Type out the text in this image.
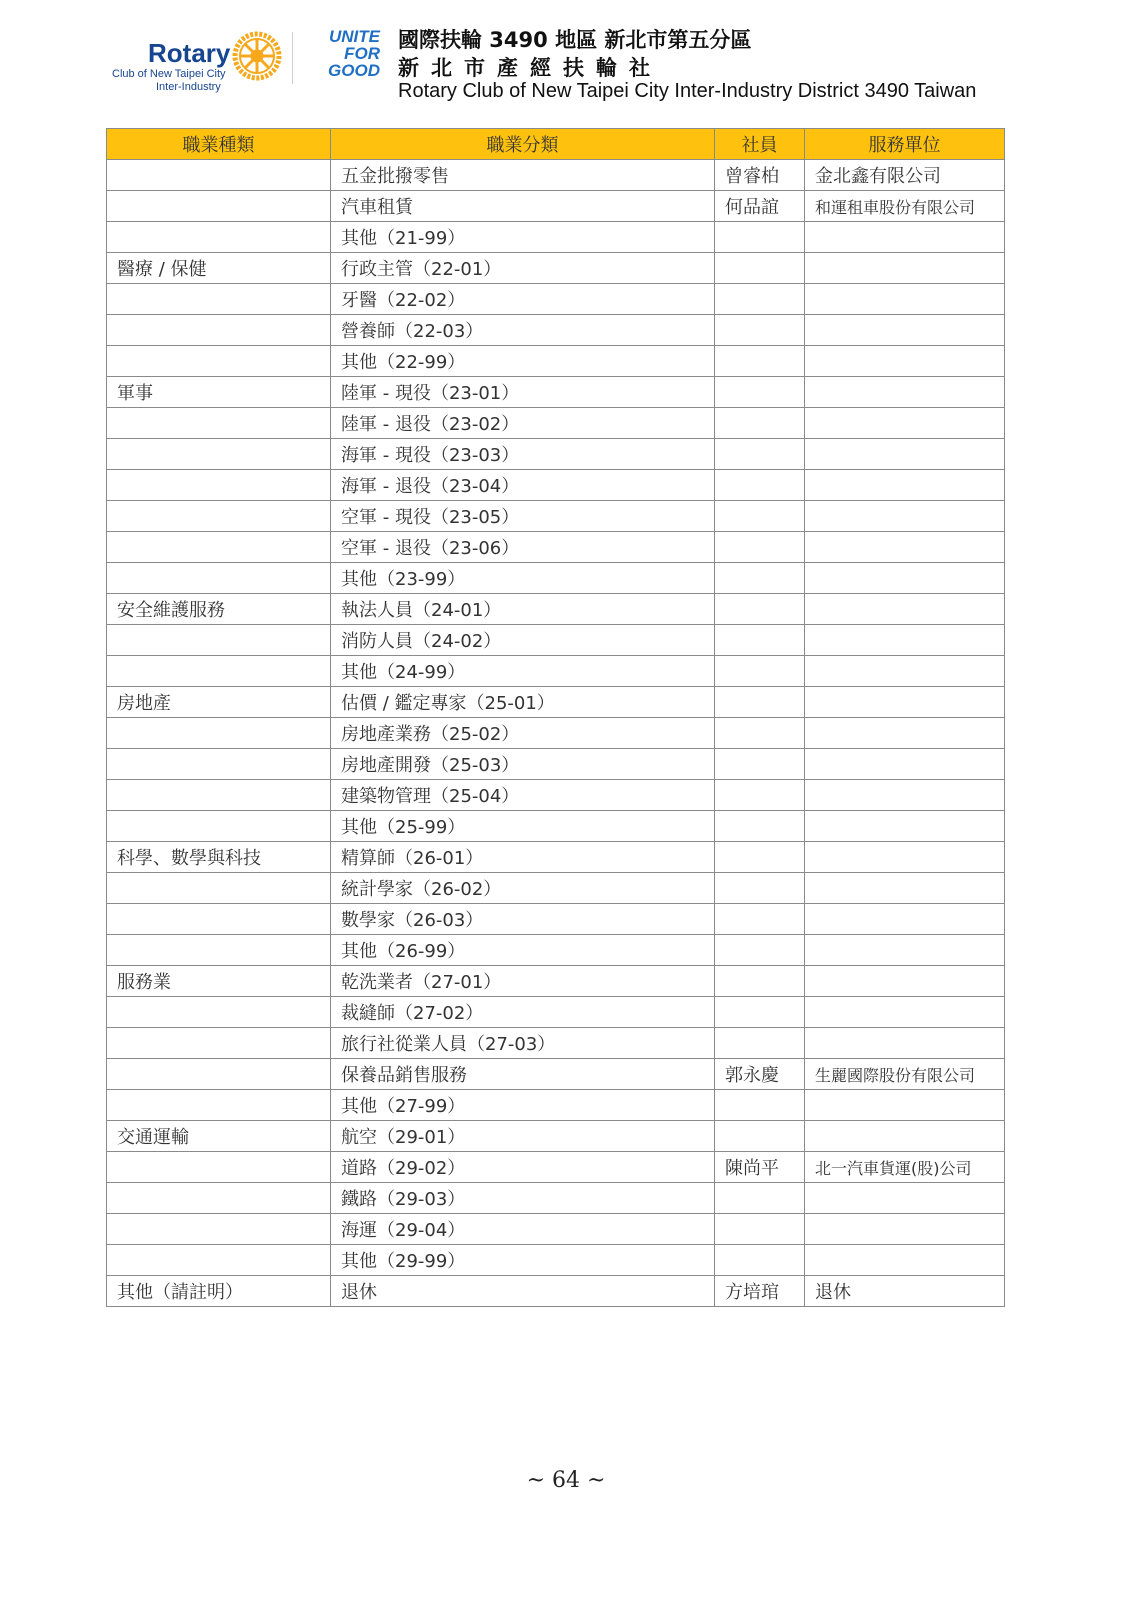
Rotary
Club of New Taipei City
Inter-Industry
UNITE
FOR
GOOD
國際扶輪 3490 地區 新北市第五分區
新北市產經扶輪社
Rotary Club of New Taipei City Inter-Industry District 3490 Taiwan
職業種類	職業分類	社員	服務單位
	五金批撥零售	曾睿柏	金北鑫有限公司
	汽車租賃	何品誼	和運租車股份有限公司
	其他（21-99）		
醫療 / 保健	行政主管（22-01）		
	牙醫（22-02）		
	營養師（22-03）		
	其他（22-99）		
軍事	陸軍 - 現役（23-01）		
	陸軍 - 退役（23-02）		
	海軍 - 現役（23-03）		
	海軍 - 退役（23-04）		
	空軍 - 現役（23-05）		
	空軍 - 退役（23-06）		
	其他（23-99）		
安全維護服務	執法人員（24-01）		
	消防人員（24-02）		
	其他（24-99）		
房地產	估價 / 鑑定專家（25-01）		
	房地產業務（25-02）		
	房地產開發（25-03）		
	建築物管理（25-04）		
	其他（25-99）		
科學、數學與科技	精算師（26-01）		
	統計學家（26-02）		
	數學家（26-03）		
	其他（26-99）		
服務業	乾洗業者（27-01）		
	裁縫師（27-02）		
	旅行社從業人員（27-03）		
	保養品銷售服務	郭永慶	生麗國際股份有限公司
	其他（27-99）		
交通運輸	航空（29-01）		
	道路（29-02）	陳尚平	北一汽車貨運(股)公司
	鐵路（29-03）		
	海運（29-04）		
	其他（29-99）		
其他（請註明）	退休	方培琯	退休
~ 64 ~
